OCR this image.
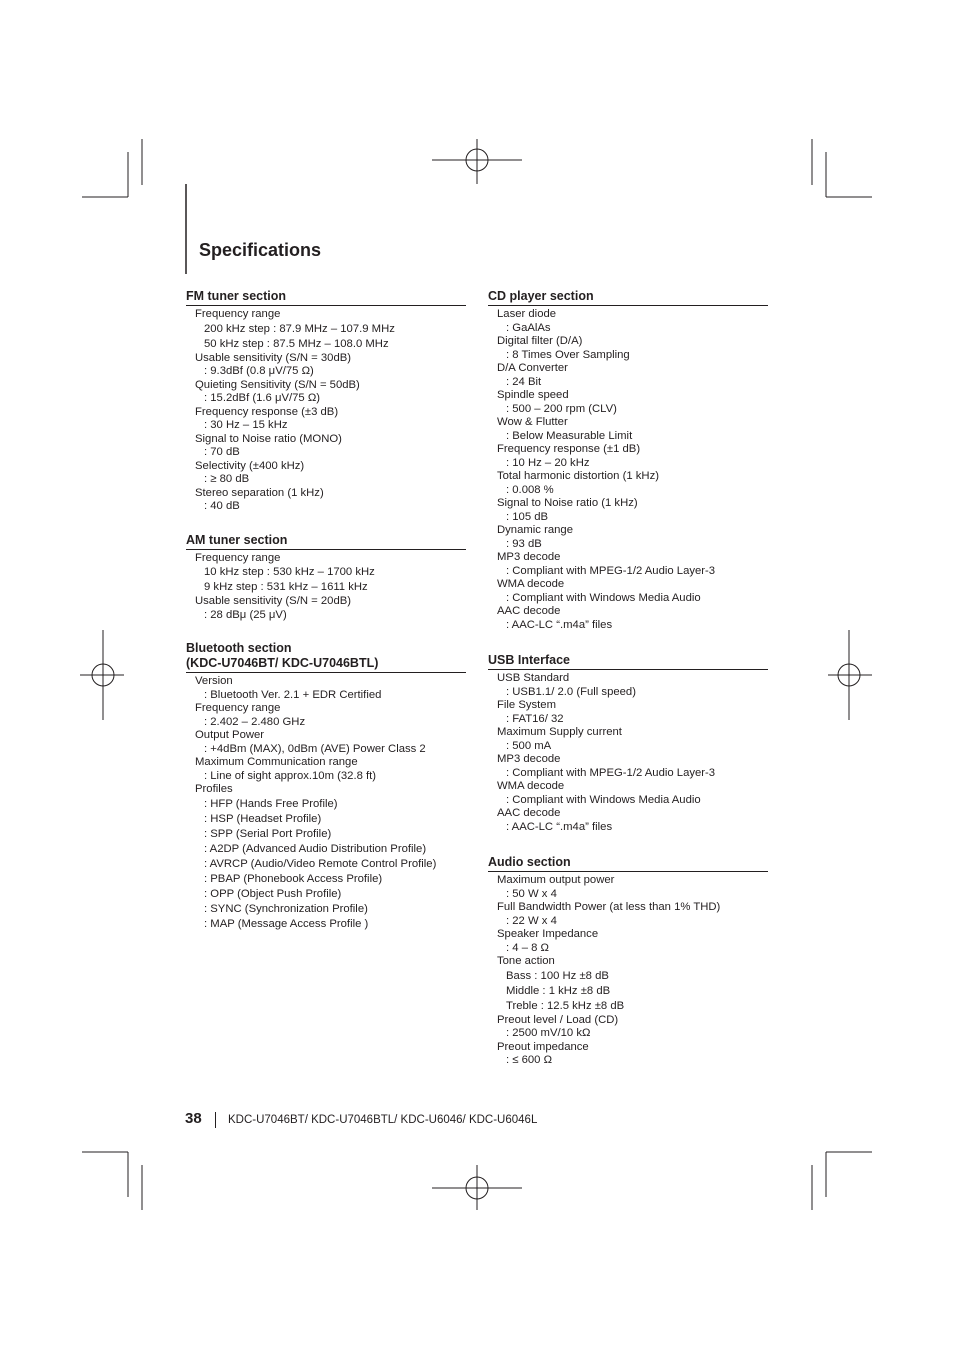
Specifications
FM tuner section
Frequency range
200 kHz step : 87.9 MHz – 107.9 MHz
50 kHz step : 87.5 MHz – 108.0 MHz
Usable sensitivity (S/N = 30dB)
: 9.3dBf (0.8 μV/75 Ω)
Quieting Sensitivity (S/N = 50dB)
: 15.2dBf (1.6 μV/75 Ω)
Frequency response (±3 dB)
: 30 Hz – 15 kHz
Signal to Noise ratio (MONO)
: 70 dB
Selectivity (±400 kHz)
: ≥ 80 dB
Stereo separation (1 kHz)
: 40 dB
AM tuner section
Frequency range
10 kHz step : 530 kHz – 1700 kHz
9 kHz step : 531 kHz – 1611 kHz
Usable sensitivity (S/N = 20dB)
: 28 dBμ (25 μV)
Bluetooth section
(KDC-U7046BT/ KDC-U7046BTL)
Version
: Bluetooth Ver. 2.1 + EDR Certified
Frequency range
: 2.402 – 2.480 GHz
Output Power
: +4dBm (MAX), 0dBm (AVE) Power Class 2
Maximum Communication range
: Line of sight approx.10m (32.8 ft)
Profiles
: HFP (Hands Free Profile)
: HSP (Headset Profile)
: SPP (Serial Port Profile)
: A2DP (Advanced Audio Distribution Profile)
: AVRCP (Audio/Video Remote Control Profile)
: PBAP (Phonebook Access Profile)
: OPP (Object Push Profile)
: SYNC (Synchronization Profile)
: MAP (Message Access Profile )
CD player section
Laser diode
: GaAlAs
Digital filter (D/A)
: 8 Times Over Sampling
D/A Converter
: 24 Bit
Spindle speed
: 500 – 200 rpm (CLV)
Wow & Flutter
: Below Measurable Limit
Frequency response (±1 dB)
: 10 Hz – 20 kHz
Total harmonic distortion (1 kHz)
: 0.008 %
Signal to Noise ratio (1 kHz)
: 105 dB
Dynamic range
: 93 dB
MP3 decode
: Compliant with MPEG-1/2 Audio Layer-3
WMA decode
: Compliant with Windows Media Audio
AAC decode
: AAC-LC “.m4a” files
USB Interface
USB Standard
: USB1.1/ 2.0 (Full speed)
File System
: FAT16/ 32
Maximum Supply current
: 500 mA
MP3 decode
: Compliant with MPEG-1/2 Audio Layer-3
WMA decode
: Compliant with Windows Media Audio
AAC decode
: AAC-LC “.m4a” files
Audio section
Maximum output power
: 50 W x 4
Full Bandwidth Power (at less than 1% THD)
: 22 W x 4
Speaker Impedance
: 4 – 8 Ω
Tone action
Bass : 100 Hz ±8 dB
Middle : 1 kHz ±8 dB
Treble : 12.5 kHz ±8 dB
Preout level / Load (CD)
: 2500 mV/10 kΩ
Preout impedance
: ≤ 600 Ω
38 KDC-U7046BT/ KDC-U7046BTL/ KDC-U6046/ KDC-U6046L
